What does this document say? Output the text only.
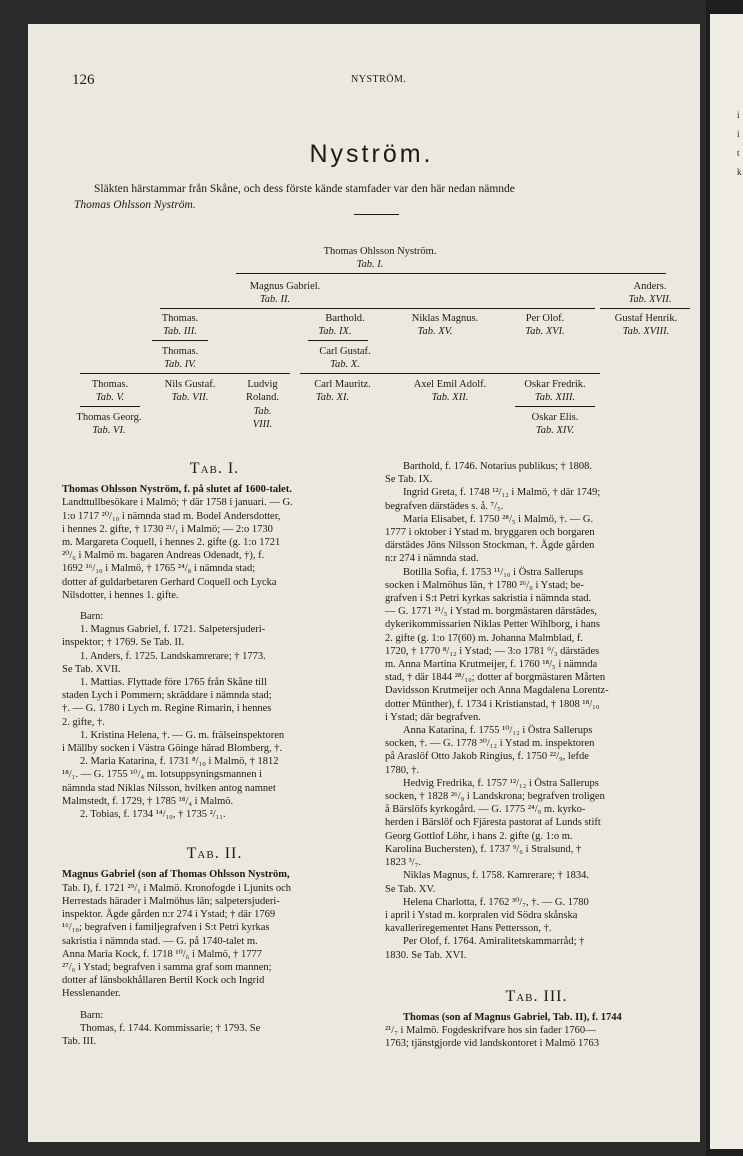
126	NYSTRÖM.
Nyström.
Släkten härstammar från Skåne, och dess förste kände stamfader var den här nedan nämnde
Thomas Ohlsson Nyström.
Thomas Ohlsson Nyström.
Tab. I.
Magnus Gabriel.
Tab. II.
Anders.
Tab. XVII.
Thomas.
Tab. III.
Barthold.
Tab. IX.
Niklas Magnus.
Tab. XV.
Per Olof.
Tab. XVI.
Gustaf Henrik.
Tab. XVIII.
Thomas.
Tab. IV.
Carl Gustaf.
Tab. X.
Thomas.
Tab. V.
Nils Gustaf.
Tab. VII.
Ludvig
Roland.
Tab.
VIII.
Carl Mauritz.
Tab. XI.
Axel Emil Adolf.
Tab. XII.
Oskar Fredrik.
Tab. XIII.
Thomas Georg.
Tab. VI.
Oskar Elis.
Tab. XIV.
Tab. I.

Thomas Ohlsson Nyström, f. på slutet af 1600-talet.

Landttullbesökare i Malmö; † där 1758 i januari. — G.

1:o 1717 ²⁰/₁₀ i nämnda stad m. Bodel Andersdotter,

i hennes 2. gifte, † 1730 ²¹/₁ i Malmö; — 2:o 1730

m. Margareta Coquell, i hennes 2. gifte (g. 1:o 1721

²⁰/₆ i Malmö m. bagaren Andreas Odenadt, †), f.

1692 ¹⁶/₁₀ i Malmö, † 1765 ²⁴/₈ i nämnda stad;

dotter af guldarbetaren Gerhard Coquell och Lycka

Nilsdotter, i hennes 1. gifte.

Barn:

1. Magnus Gabriel, f. 1721. Salpetersjuderi-

inspektor; † 1769. Se Tab. II.

1. Anders, f. 1725. Landskamrerare; † 1773.

Se Tab. XVII.

1. Mattias. Flyttade före 1765 från Skåne till

staden Lych i Pommern; skräddare i nämnda stad;

†. — G. 1780 i Lych m. Regine Rimarin, i hennes

2. gifte, †.

1. Kristina Helena, †. — G. m. frälseinspektoren

i Mällby socken i Västra Göinge härad Blomberg, †.

2. Maria Katarina, f. 1731 ⁸/₁₀ i Malmö, † 1812

¹⁸/₁. — G. 1755 ¹⁰/₄ m. lotsuppsyningsmannen i

nämnda stad Niklas Nilsson, hvilken antog namnet

Malmstedt, f. 1729, † 1785 ¹⁸/₄ i Malmö.

2. Tobias, f. 1734 ¹⁴/₁₀, † 1735 ²/₁₁.

Tab. II.

Magnus Gabriel (son af Thomas Ohlsson Nyström,

Tab. I), f. 1721 ²⁹/₁ i Malmö. Kronofogde i Ljunits och

Herrestads härader i Malmöhus län; salpetersjuderi-

inspektor. Ägde gården n:r 274 i Ystad; † där 1769

¹⁶/₁₀; begrafven i familjegrafven i S:t Petri kyrkas

sakristia i nämnda stad. — G. på 1740-talet m.

Anna Maria Kock, f. 1718 ¹⁰/₆ i Malmö, † 1777

²⁷/₆ i Ystad; begrafven i samma graf som mannen;

dotter af länsbokhållaren Bertil Kock och Ingrid

Hesslenander.

Barn:

Thomas, f. 1744. Kommissarie; † 1793. Se

Tab. III.

Barthold, f. 1746. Notarius publikus; † 1808.

Se Tab. IX.

Ingrid Greta, f. 1748 ¹²/₁₂ i Malmö, † där 1749;

begrafven därstädes s. å. ⁷/₅.

Maria Elisabet, f. 1750 ²⁸/₅ i Malmö, †. — G.

1777 i oktober i Ystad m. bryggaren och borgaren

därstädes Jöns Nilsson Stockman, †. Ägde gården

n:r 274 i nämnda stad.

Botilla Sofia, f. 1753 ¹¹/₁₀ i Östra Sallerups

socken i Malmöhus län, † 1780 ²⁶/₉ i Ystad; be-

grafven i S:t Petri kyrkas sakristia i nämnda stad.

— G. 1771 ²¹/₅ i Ystad m. borgmästaren därstädes,

dykerikommissarien Niklas Petter Wihlborg, i hans

2. gifte (g. 1:o 17(60) m. Johanna Malmblad, f.

1720, † 1770 ⁸/₁₂ i Ystad; — 3:o 1781 ⁹/₃ därstädes

m. Anna Martina Krutmeijer, f. 1760 ¹⁸/₅ i nämnda

stad, † där 1844 ²⁸/₁₀; dotter af borgmästaren Mårten

Davidsson Krutmeijer och Anna Magdalena Lorentz-

dotter Münther), f. 1734 i Kristianstad, † 1808 ¹⁸/₁₀

i Ystad; där begrafven.

Anna Katarina, f. 1755 ¹⁰/₁₂ i Östra Sallerups

socken, †. — G. 1778 ³⁰/₁₂ i Ystad m. inspektoren

på Araslöf Otto Jakob Ringius, f. 1750 ²²/₉, lefde

1780, †.

Hedvig Fredrika, f. 1757 ¹²/₁₂ i Östra Sallerups

socken, † 1828 ²⁶/₉ i Landskrona; begrafven troligen

å Bärslöfs kyrkogård. — G. 1775 ²⁴/₉ m. kyrko-

herden i Bärslöf och Fjärestа pastorat af Lunds stift

Georg Gottlof Löhr, i hans 2. gifte (g. 1:o m.

Karolina Buchersten), f. 1737 ⁹/₆ i Stralsund, †

1823 ³/₇.

Niklas Magnus, f. 1758. Kamrerare; † 1834.

Se Tab. XV.

Helena Charlotta, f. 1762 ³⁰/₇, †. — G. 1780

i april i Ystad m. korpralen vid Södra skånska

kavalleriregementet Hans Pettersson, †.

Per Olof, f. 1764. Amiralitetskammarråd; †

1830. Se Tab. XVI.

Tab. III.

Thomas (son af Magnus Gabriel, Tab. II), f. 1744

²¹/₇ i Malmö. Fogdeskrifvare hos sin fader 1760—

1763; tjänstgjorde vid landskontoret i Malmö 1763

i
i
t
k
